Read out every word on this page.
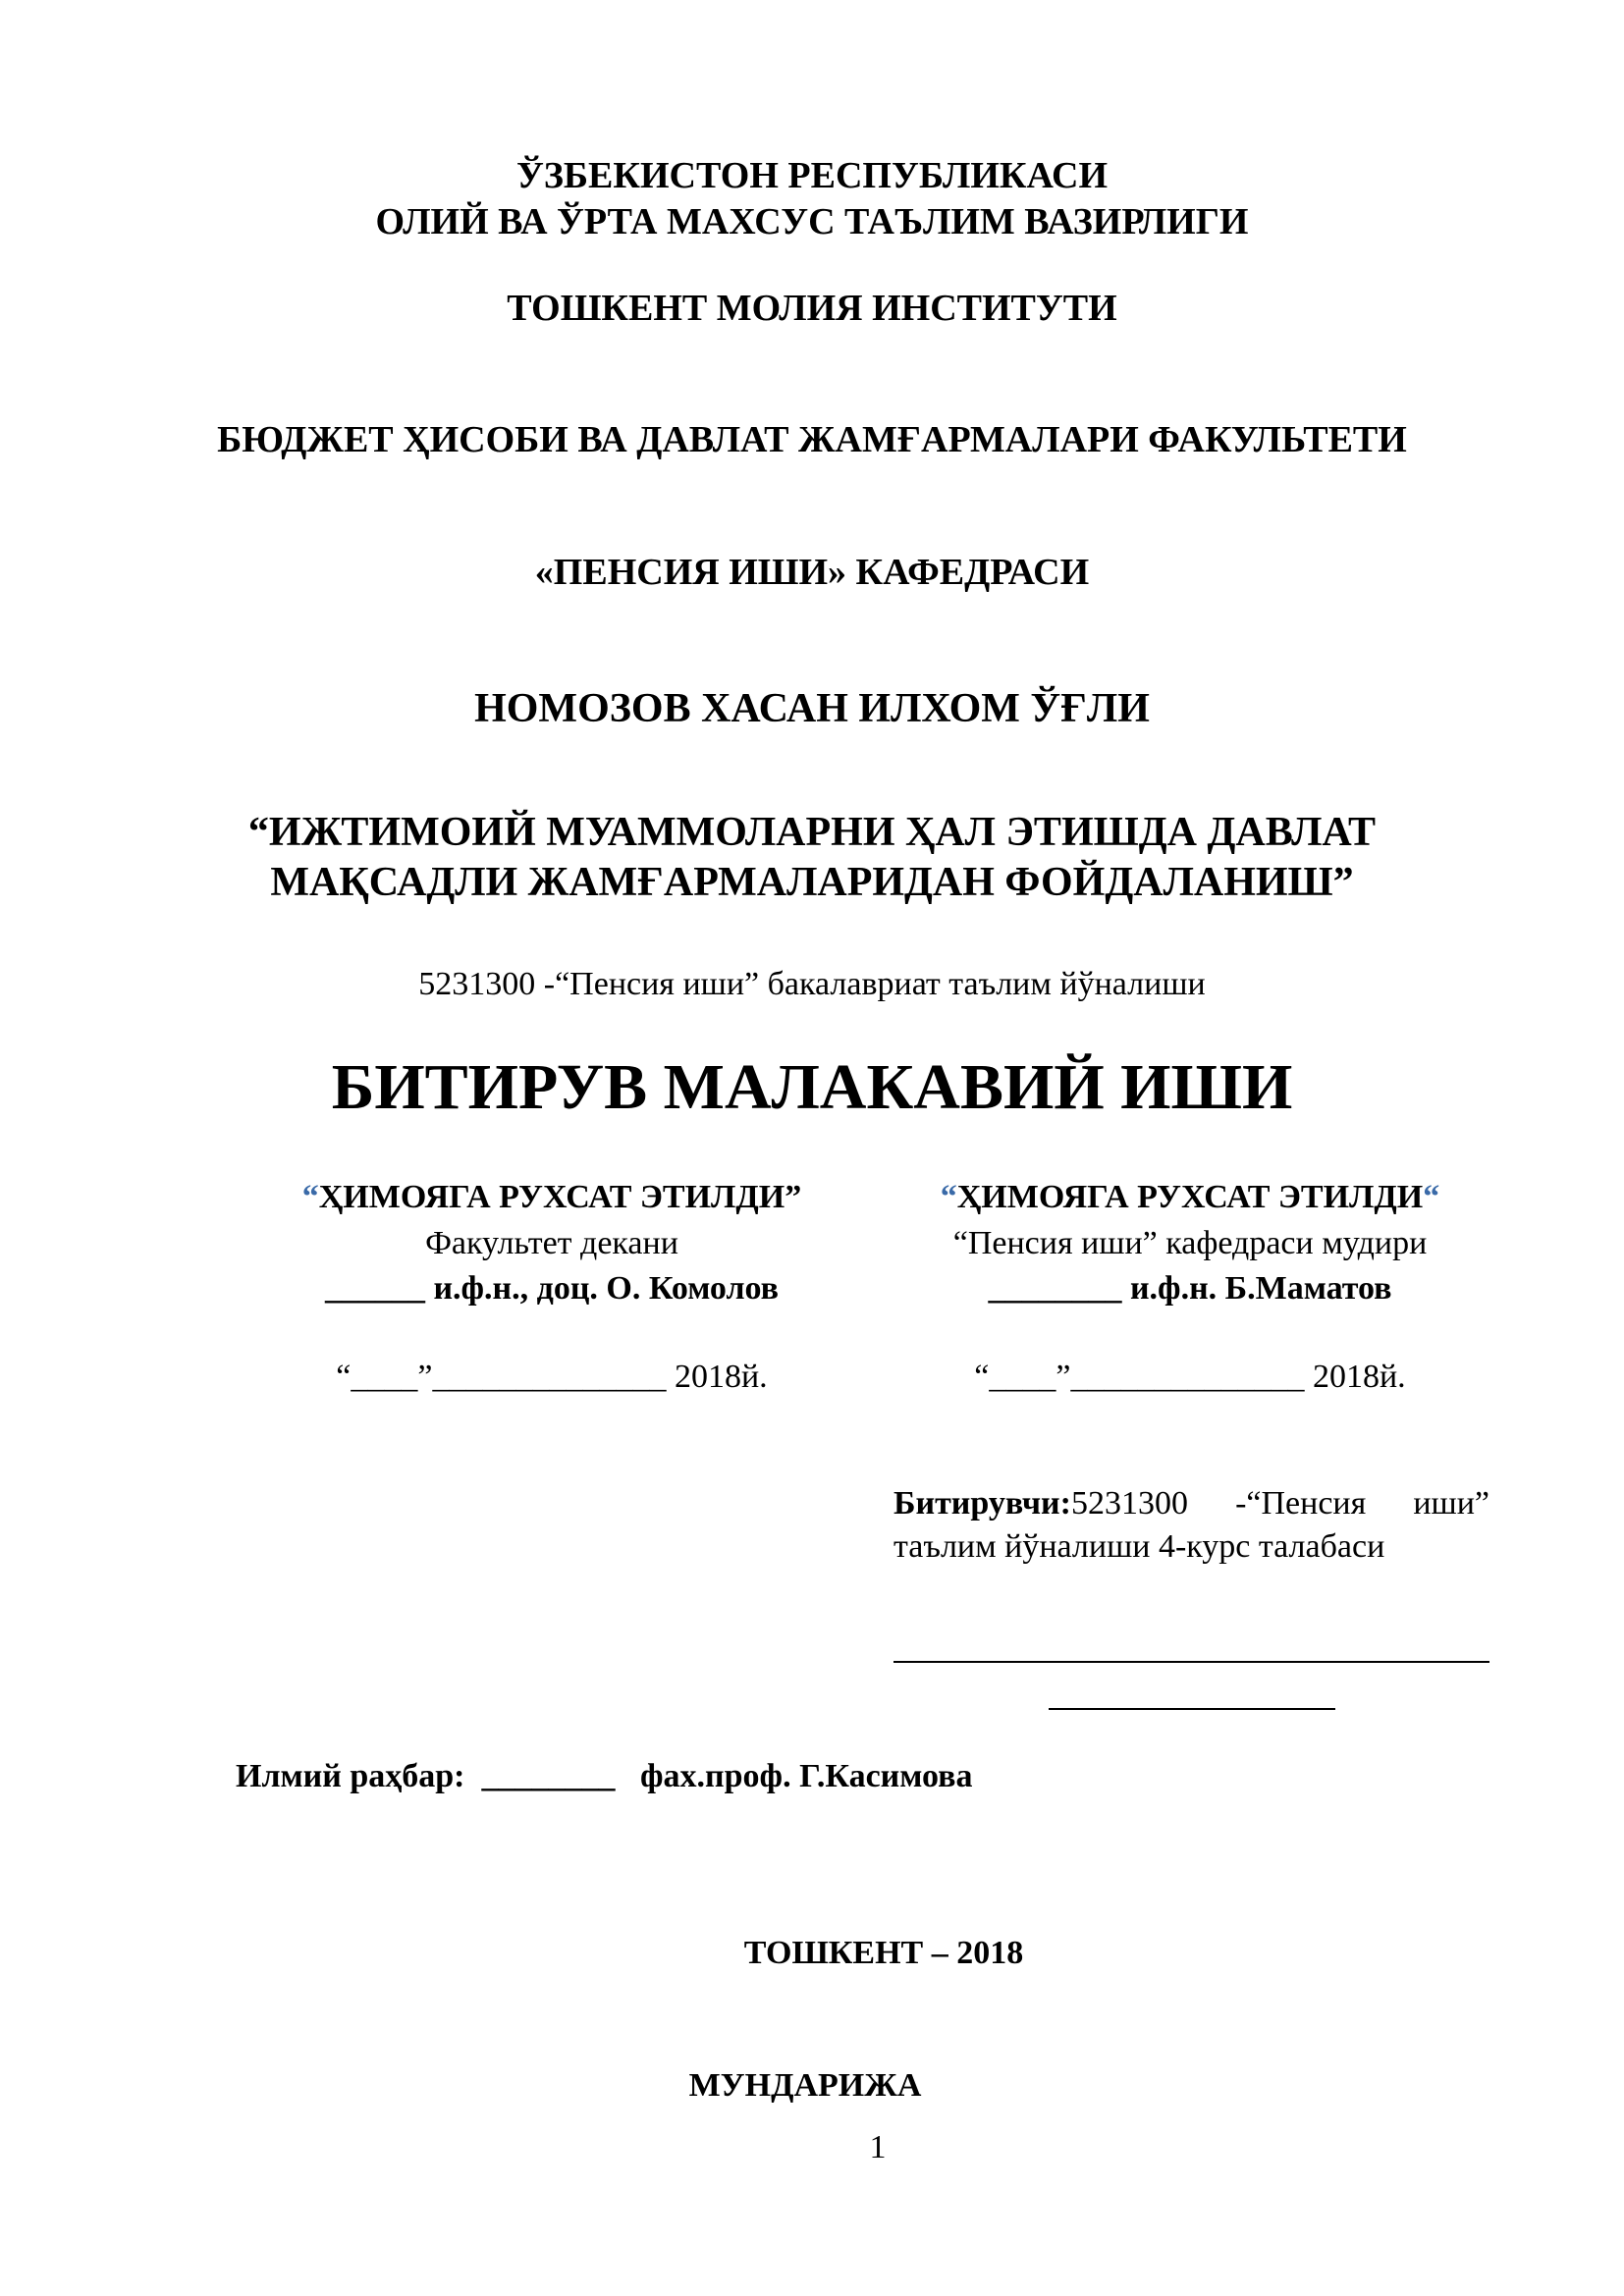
ЎЗБЕКИСТОН РЕСПУБЛИКАСИ
ОЛИЙ ВА ЎРТА МАХСУС ТАЪЛИМ ВАЗИРЛИГИ
ТОШКЕНТ МОЛИЯ ИНСТИТУТИ
БЮДЖЕТ ҲИСОБИ ВА ДАВЛАТ ЖАМҒАРМАЛАРИ ФАКУЛЬТЕТИ
«ПЕНСИЯ ИШИ» КАФЕДРАСИ
НОМОЗОВ ХАСАН ИЛХОМ ЎҒЛИ
“ИЖТИМОИЙ МУАММОЛАРНИ ҲАЛ ЭТИШДА ДАВЛАТ
МАҚСАДЛИ ЖАМҒАРМАЛАРИДАН ФОЙДАЛАНИШ”
5231300 -“Пенсия иши” бакалавриат таълим йўналиши
БИТИРУВ МАЛАКАВИЙ ИШИ
“ҲИМОЯГА РУХСАТ ЭТИЛДИ”
Факультет декани
______ и.ф.н., доц. О. Комолов
“____”______________ 2018й.
“ҲИМОЯГА РУХСАТ ЭТИЛДИ“
“Пенсия иши” кафедраси мудири
________ и.ф.н. Б.Маматов
“____”______________ 2018й.
Битирувчи:5231300 -“Пенсия иши” таълим йўналиши 4-курс талабаси
Илмий раҳбар: ________ фах.проф. Г.Касимова
ТОШКЕНТ – 2018
МУНДАРИЖА
1
